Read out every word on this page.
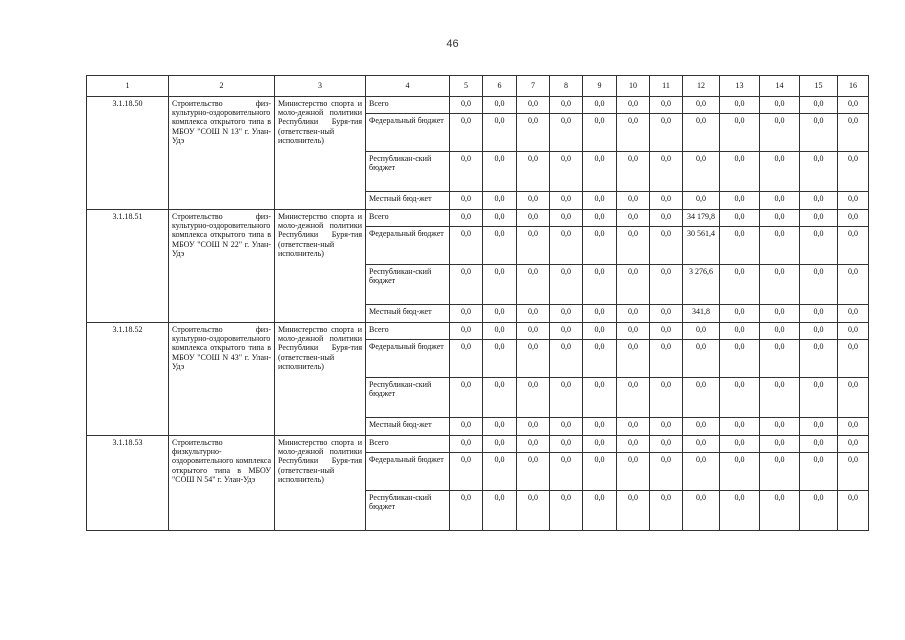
46
1	2	3	4	5	6	7	8	9	10	11	12	13	14	15	16
3.1.18.50	Строительство физ-культурно-оздоровительного комплекса открытого типа в МБОУ "СОШ N 13" г. Улан-Удэ	Министерство спорта и моло-дежной политики Республики Буря-тия (ответствен-ный исполнитель)	Всего	0,0	0,0	0,0	0,0	0,0	0,0	0,0	0,0	0,0	0,0	0,0	0,0
			Федеральный бюджет	0,0	0,0	0,0	0,0	0,0	0,0	0,0	0,0	0,0	0,0	0,0	0,0
			Республикан-ский бюджет	0,0	0,0	0,0	0,0	0,0	0,0	0,0	0,0	0,0	0,0	0,0	0,0
			Местный бюд-жет	0,0	0,0	0,0	0,0	0,0	0,0	0,0	0,0	0,0	0,0	0,0	0,0
3.1.18.51	Строительство физ-культурно-оздоровительного комплекса открытого типа в МБОУ "СОШ N 22" г. Улан-Удэ	Министерство спорта и моло-дежной политики Республики Буря-тия (ответствен-ный исполнитель)	Всего	0,0	0,0	0,0	0,0	0,0	0,0	0,0	34 179,8	0,0	0,0	0,0	0,0
			Федеральный бюджет	0,0	0,0	0,0	0,0	0,0	0,0	0,0	30 561,4	0,0	0,0	0,0	0,0
			Республикан-ский бюджет	0,0	0,0	0,0	0,0	0,0	0,0	0,0	3 276,6	0,0	0,0	0,0	0,0
			Местный бюд-жет	0,0	0,0	0,0	0,0	0,0	0,0	0,0	341,8	0,0	0,0	0,0	0,0
3.1.18.52	Строительство физ-культурно-оздоровительного комплекса открытого типа в МБОУ "СОШ N 43" г. Улан-Удэ	Министерство спорта и моло-дежной политики Республики Буря-тия (ответствен-ный исполнитель)	Всего	0,0	0,0	0,0	0,0	0,0	0,0	0,0	0,0	0,0	0,0	0,0	0,0
			Федеральный бюджет	0,0	0,0	0,0	0,0	0,0	0,0	0,0	0,0	0,0	0,0	0,0	0,0
			Республикан-ский бюджет	0,0	0,0	0,0	0,0	0,0	0,0	0,0	0,0	0,0	0,0	0,0	0,0
			Местный бюд-жет	0,0	0,0	0,0	0,0	0,0	0,0	0,0	0,0	0,0	0,0	0,0	0,0
3.1.18.53	Строительство физкультурно-оздоровительного комплекса открытого типа в МБОУ "СОШ N 54" г. Улан-Удэ	Министерство спорта и моло-дежной политики Республики Буря-тия (ответствен-ный исполнитель)	Всего	0,0	0,0	0,0	0,0	0,0	0,0	0,0	0,0	0,0	0,0	0,0	0,0
			Федеральный бюджет	0,0	0,0	0,0	0,0	0,0	0,0	0,0	0,0	0,0	0,0	0,0	0,0
			Республикан-ский бюджет	0,0	0,0	0,0	0,0	0,0	0,0	0,0	0,0	0,0	0,0	0,0	0,0
